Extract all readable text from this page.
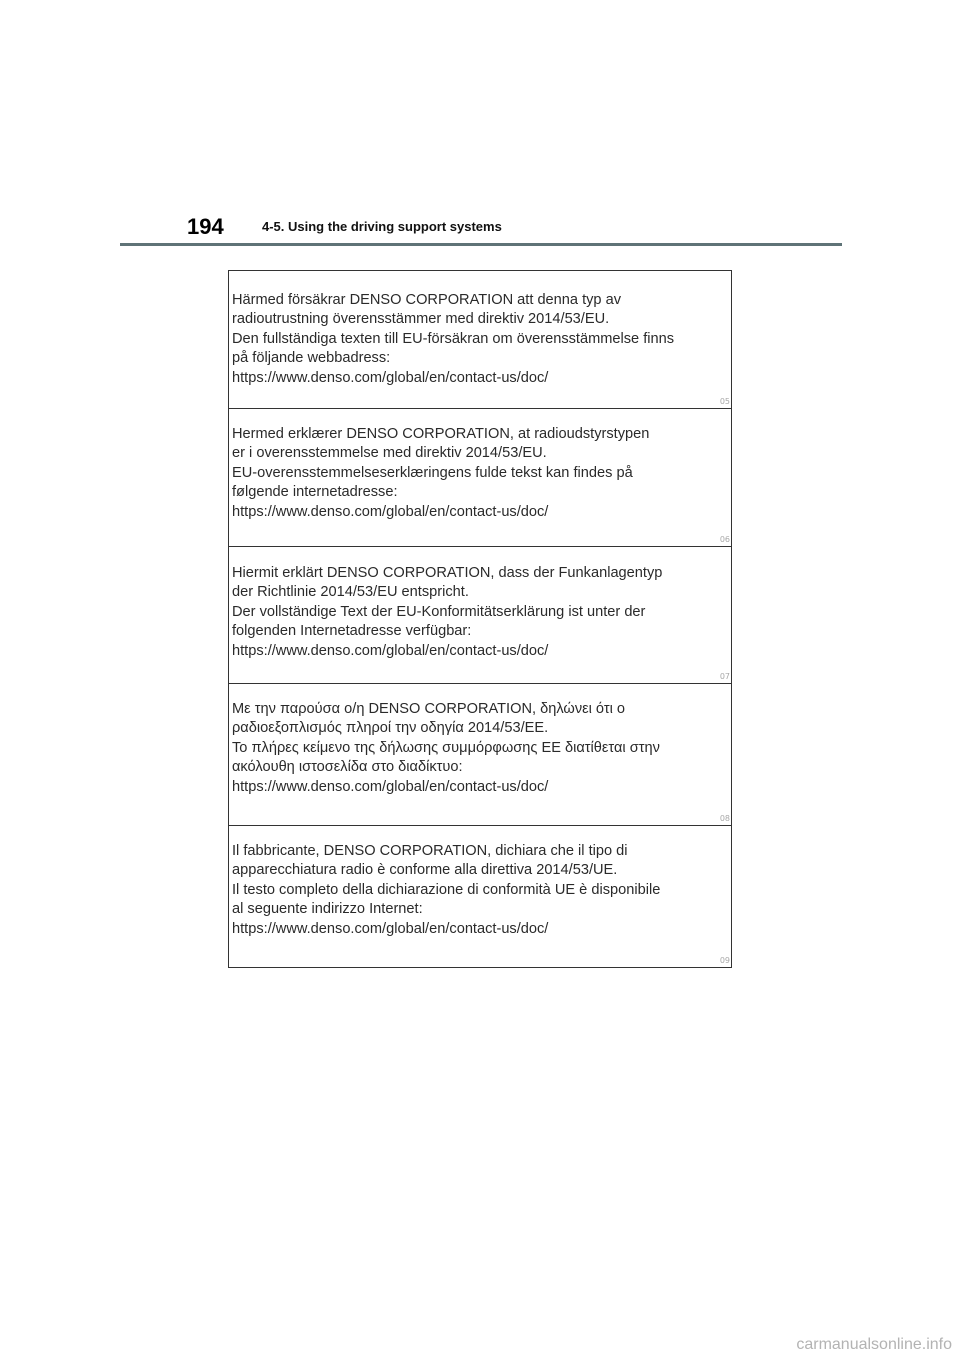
194	4-5. Using the driving support systems
Härmed försäkrar DENSO CORPORATION att denna typ av
radioutrustning överensstämmer med direktiv 2014/53/EU.
Den fullständiga texten till EU-försäkran om överensstämmelse finns
på följande webbadress:
https://www.denso.com/global/en/contact-us/doc/
05
Hermed erklærer DENSO CORPORATION, at radioudstyrstypen
er i overensstemmelse med direktiv 2014/53/EU.
EU-overensstemmelseserklæringens fulde tekst kan findes på
følgende internetadresse:
https://www.denso.com/global/en/contact-us/doc/
06
Hiermit erklärt DENSO CORPORATION, dass der Funkanlagentyp
der Richtlinie 2014/53/EU entspricht.
Der vollständige Text der EU-Konformitätserklärung ist unter der
folgenden Internetadresse verfügbar:
https://www.denso.com/global/en/contact-us/doc/
07
Με την παρούσα ο/η DENSO CORPORATION, δηλώνει ότι ο
ραδιοεξοπλισμός πληροί την οδηγία 2014/53/ΕΕ.
Το πλήρες κείμενο της δήλωσης συμμόρφωσης ΕΕ διατίθεται στην
ακόλουθη ιστοσελίδα στο διαδίκτυο:
https://www.denso.com/global/en/contact-us/doc/
08
Il fabbricante, DENSO CORPORATION, dichiara che il tipo di
apparecchiatura radio è conforme alla direttiva 2014/53/UE.
Il testo completo della dichiarazione di conformità UE è disponibile
al seguente indirizzo Internet:
https://www.denso.com/global/en/contact-us/doc/
09
carmanualsonline.info
